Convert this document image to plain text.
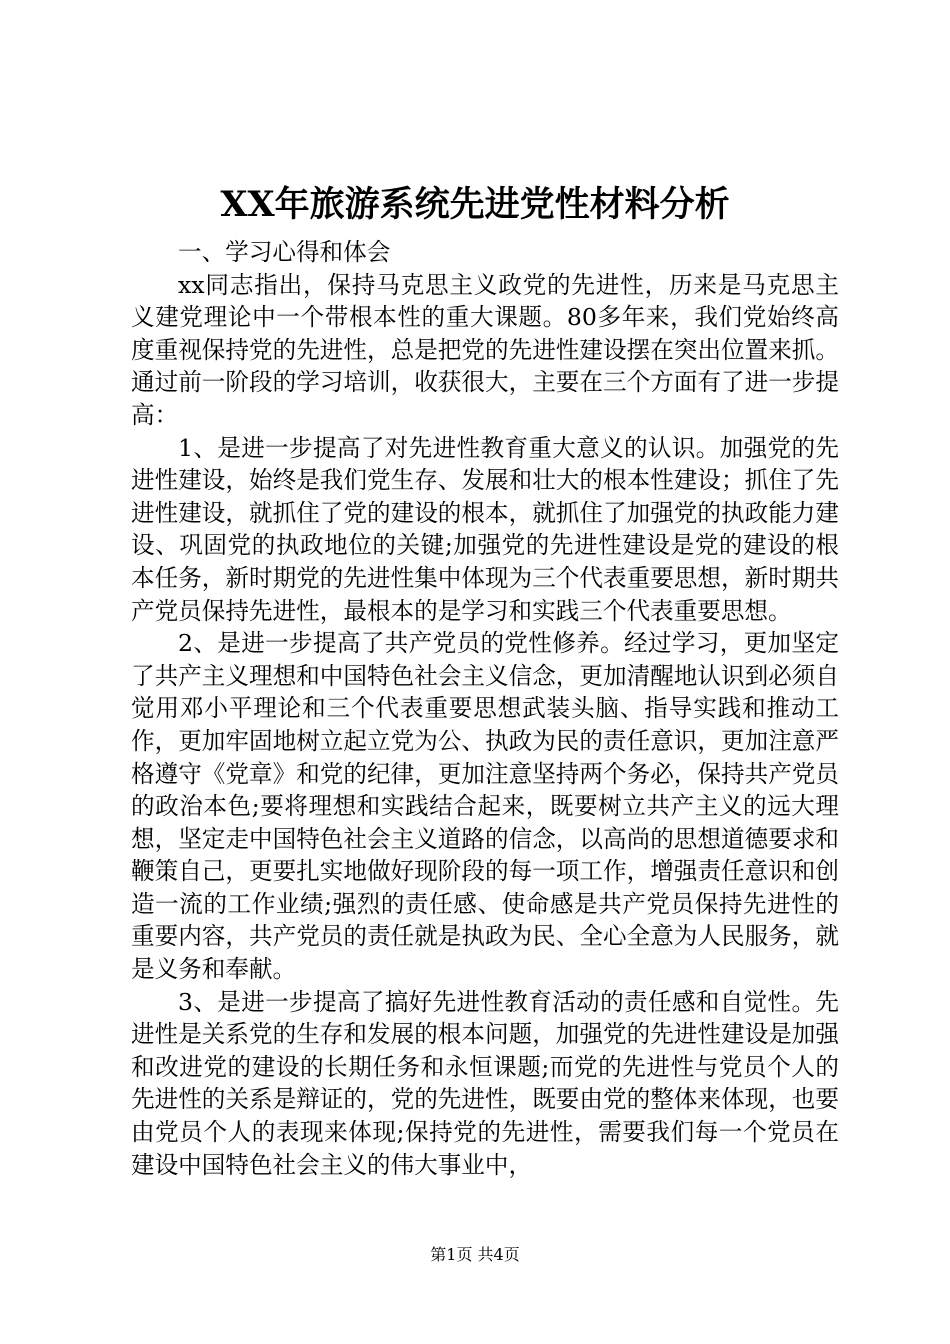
XX年旅游系统先进党性材料分析

一、学习心得和体会

xx同志指出，保持马克思主义政党的先进性，历来是马克思主义建党理论中一个带根本性的重大课题。80多年来，我们党始终高度重视保持党的先进性，总是把党的先进性建设摆在突出位置来抓。通过前一阶段的学习培训，收获很大，主要在三个方面有了进一步提高：

1、是进一步提高了对先进性教育重大意义的认识。加强党的先进性建设，始终是我们党生存、发展和壮大的根本性建设；抓住了先进性建设，就抓住了党的建设的根本，就抓住了加强党的执政能力建设、巩固党的执政地位的关键;加强党的先进性建设是党的建设的根本任务，新时期党的先进性集中体现为三个代表重要思想，新时期共产党员保持先进性，最根本的是学习和实践三个代表重要思想。

2、是进一步提高了共产党员的党性修养。经过学习，更加坚定了共产主义理想和中国特色社会主义信念，更加清醒地认识到必须自觉用邓小平理论和三个代表重要思想武装头脑、指导实践和推动工作，更加牢固地树立起立党为公、执政为民的责任意识，更加注意严格遵守《党章》和党的纪律，更加注意坚持两个务必，保持共产党员的政治本色;要将理想和实践结合起来，既要树立共产主义的远大理想，坚定走中国特色社会主义道路的信念，以高尚的思想道德要求和鞭策自己，更要扎实地做好现阶段的每一项工作，增强责任意识和创造一流的工作业绩;强烈的责任感、使命感是共产党员保持先进性的重要内容，共产党员的责任就是执政为民、全心全意为人民服务，就是义务和奉献。

3、是进一步提高了搞好先进性教育活动的责任感和自觉性。先进性是关系党的生存和发展的根本问题，加强党的先进性建设是加强和改进党的建设的长期任务和永恒课题;而党的先进性与党员个人的先进性的关系是辩证的，党的先进性，既要由党的整体来体现，也要由党员个人的表现来体现;保持党的先进性，需要我们每一个党员在建设中国特色社会主义的伟大事业中，

第1页 共4页
